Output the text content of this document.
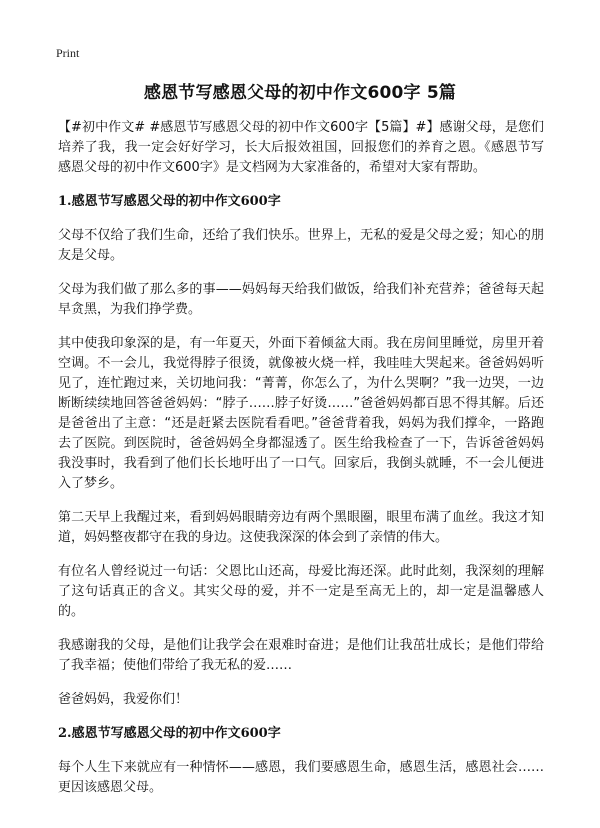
Print
感恩节写感恩父母的初中作文600字 5篇

【#初中作文# #感恩节写感恩父母的初中作文600字【5篇】#】感谢父母，是您们培养了我，我一定会好好学习，长大后报效祖国，回报您们的养育之恩。《感恩节写感恩父母的初中作文600字》是文档网为大家准备的，希望对大家有帮助。

1.感恩节写感恩父母的初中作文600字

父母不仅给了我们生命，还给了我们快乐。世界上，无私的爱是父母之爱；知心的朋友是父母。

父母为我们做了那么多的事——妈妈每天给我们做饭，给我们补充营养；爸爸每天起早贪黑，为我们挣学费。

其中使我印象深的是，有一年夏天，外面下着倾盆大雨。我在房间里睡觉，房里开着空调。不一会儿，我觉得脖子很烫，就像被火烧一样，我哇哇大哭起来。爸爸妈妈听见了，连忙跑过来，关切地问我：“菁菁，你怎么了，为什么哭啊？”我一边哭，一边断断续续地回答爸爸妈妈：“脖子……脖子好烫……”爸爸妈妈都百思不得其解。后还是爸爸出了主意：“还是赶紧去医院看看吧。”爸爸背着我，妈妈为我们撑伞，一路跑去了医院。到医院时，爸爸妈妈全身都湿透了。医生给我检查了一下，告诉爸爸妈妈我没事时，我看到了他们长长地吁出了一口气。回家后，我倒头就睡，不一会儿便进入了梦乡。

第二天早上我醒过来，看到妈妈眼睛旁边有两个黑眼圈，眼里布满了血丝。我这才知道，妈妈整夜都守在我的身边。这使我深深的体会到了亲情的伟大。

有位名人曾经说过一句话：父恩比山还高，母爱比海还深。此时此刻，我深刻的理解了这句话真正的含义。其实父母的爱，并不一定是至高无上的，却一定是温馨感人的。

我感谢我的父母，是他们让我学会在艰难时奋进；是他们让我茁壮成长；是他们带给了我幸福；使他们带给了我无私的爱……

爸爸妈妈，我爱你们！

2.感恩节写感恩父母的初中作文600字

每个人生下来就应有一种情怀——感恩，我们要感恩生命，感恩生活，感恩社会……更因该感恩父母。
